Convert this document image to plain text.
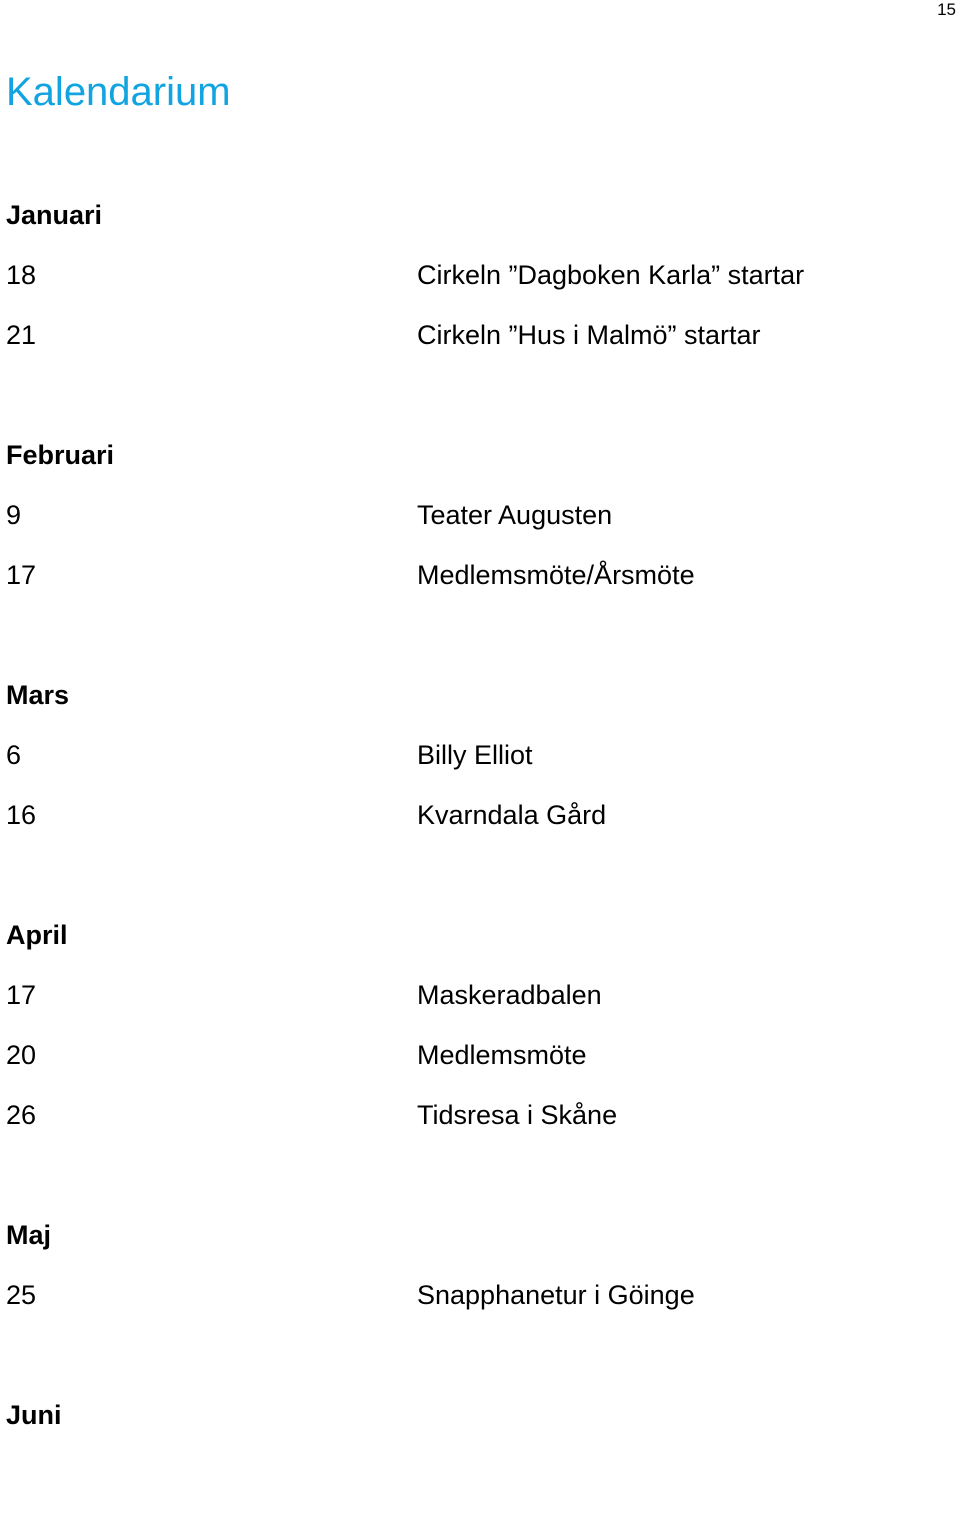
15
Kalendarium
Januari
18	Cirkeln ”Dagboken Karla” startar
21	Cirkeln ”Hus i Malmö” startar
Februari
9	Teater Augusten
17	Medlemsmöte/Årsmöte
Mars
6	Billy Elliot
16	Kvarndala Gård
April
17	Maskeradbalen
20	Medlemsmöte
26	Tidsresa i Skåne
Maj
25	Snapphanetur i Göinge
Juni
